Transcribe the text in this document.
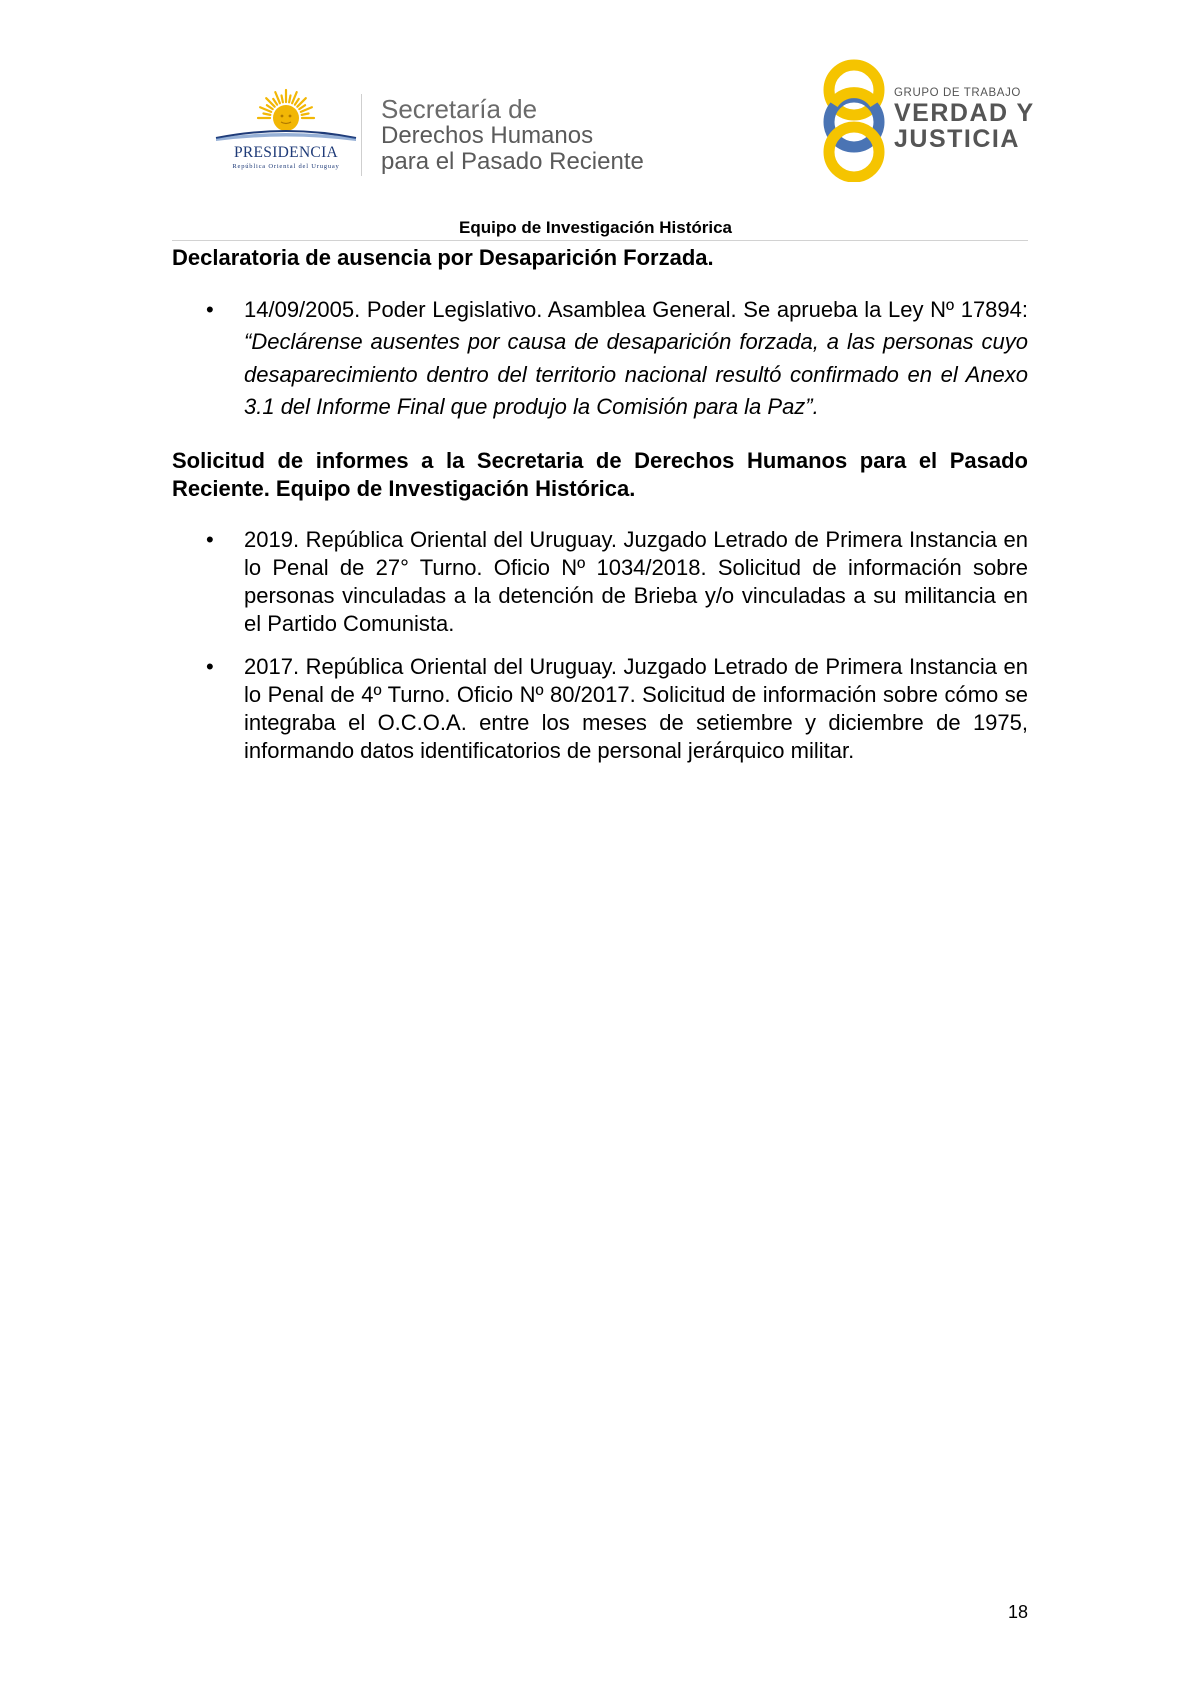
PRESIDENCIA
República Oriental del Uruguay
Secretaría de
Derechos Humanos
para el Pasado Reciente
GRUPO DE TRABAJO
VERDAD Y
JUSTICIA
Equipo de Investigación Histórica
Declaratoria de ausencia por Desaparición Forzada.
• 14/09/2005. Poder Legislativo. Asamblea General. Se aprueba la Ley Nº 17894: “Declárense ausentes por causa de desaparición forzada, a las personas cuyo desaparecimiento dentro del territorio nacional resultó confirmado en el Anexo 3.1 del Informe Final que produjo la Comisión para la Paz”.
Solicitud de informes a la Secretaria de Derechos Humanos para el Pasado Reciente. Equipo de Investigación Histórica.
• 2019. República Oriental del Uruguay. Juzgado Letrado de Primera Instancia en lo Penal de 27° Turno. Oficio Nº 1034/2018. Solicitud de información sobre personas vinculadas a la detención de Brieba y/o vinculadas a su militancia en el Partido Comunista.
• 2017. República Oriental del Uruguay. Juzgado Letrado de Primera Instancia en lo Penal de 4º Turno. Oficio Nº 80/2017. Solicitud de información sobre cómo se integraba el O.C.O.A. entre los meses de setiembre y diciembre de 1975, informando datos identificatorios de personal jerárquico militar.
18
